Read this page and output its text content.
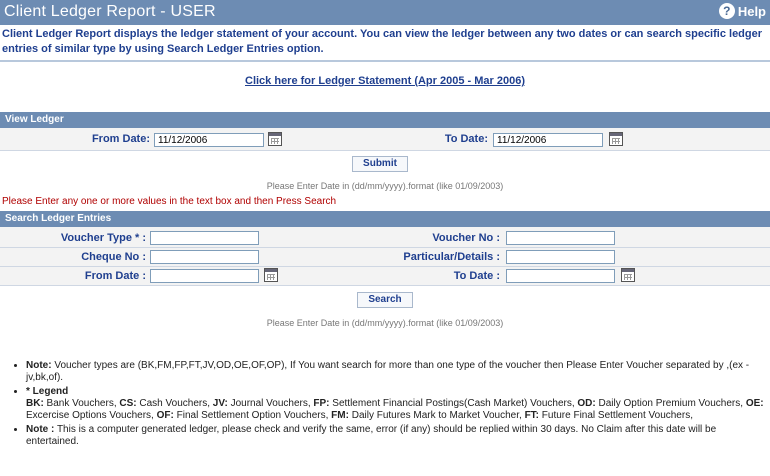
Client Ledger Report - USER	? Help
Client Ledger Report displays the ledger statement of your account. You can view the ledger between any two dates or can search specific ledger entries of similar type by using Search Ledger Entries option.
Click here for Ledger Statement (Apr 2005 - Mar 2006)
View Ledger
From Date:
11/12/2006	To Date:
11/12/2006
Submit
Please Enter Date in (dd/mm/yyyy).format (like 01/09/2003)
Please Enter any one or more values in the text box and then Press Search
Search Ledger Entries
Voucher Type * :	Voucher No :
Cheque No :	Particular/Details :
From Date :	To Date :
Search
Please Enter Date in (dd/mm/yyyy).format (like 01/09/2003)
• Note: Voucher types are (BK,FM,FP,FT,JV,OD,OE,OF,OP), If You want search for more than one type of the voucher then Please Enter Voucher separated by ,(ex - jv,bk,of).
• * Legend
BK: Bank Vouchers, CS: Cash Vouchers, JV: Journal Vouchers, FP: Settlement Financial Postings(Cash Market) Vouchers, OD: Daily Option Premium Vouchers, OE: Excercise Options Vouchers, OF: Final Settlement Option Vouchers, FM: Daily Futures Mark to Market Voucher, FT: Future Final Settlement Vouchers,
• Note : This is a computer generated ledger, please check and verify the same, error (if any) should be replied within 30 days. No Claim after this date will be entertained.
